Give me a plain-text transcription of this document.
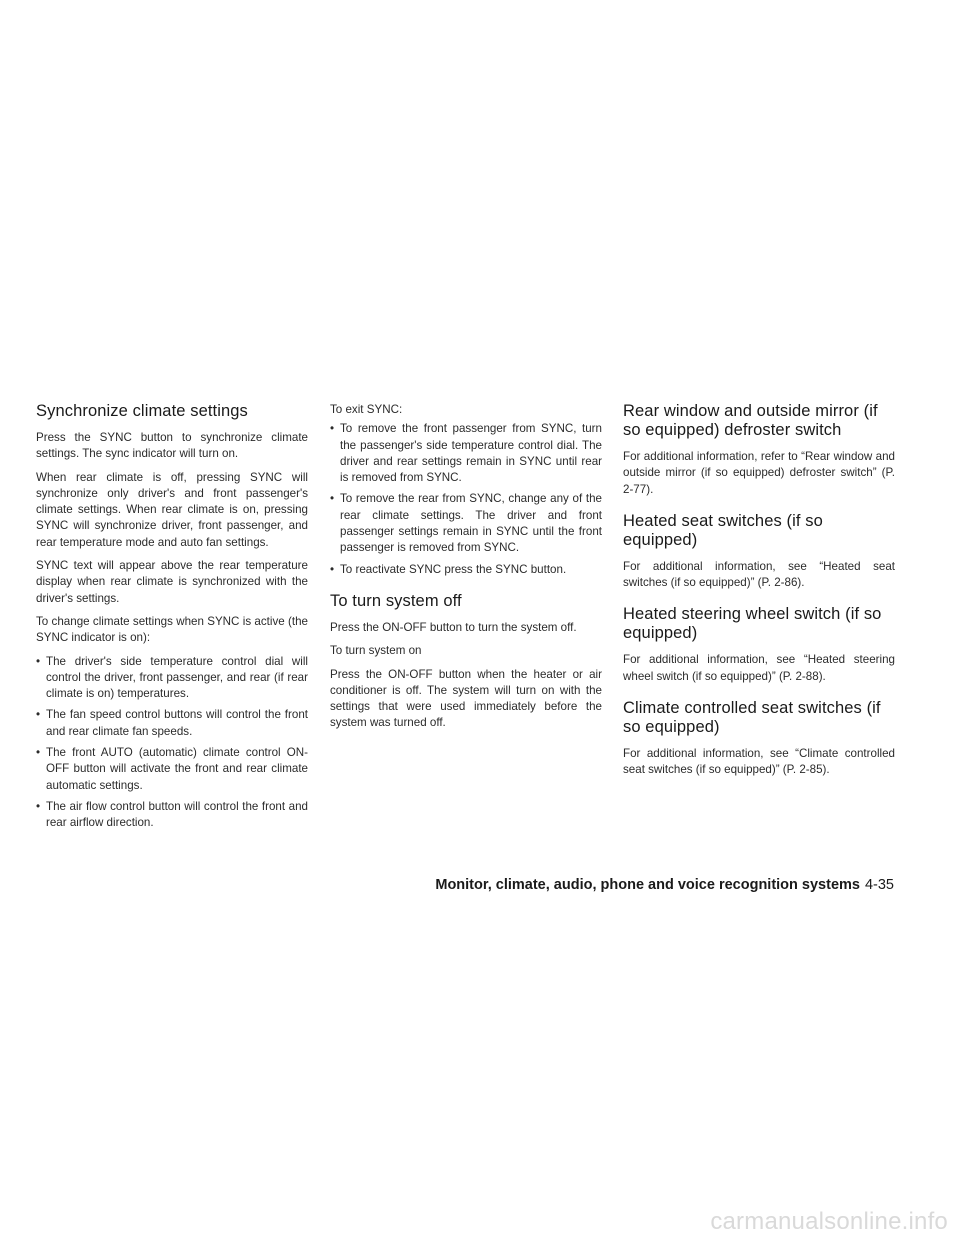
Synchronize climate settings

Press the SYNC button to synchronize climate settings. The sync indicator will turn on.

When rear climate is off, pressing SYNC will synchronize only driver's and front passenger's climate settings. When rear climate is on, pressing SYNC will synchronize driver, front passenger, and rear temperature mode and auto fan settings.

SYNC text will appear above the rear temperature display when rear climate is synchronized with the driver's settings.

To change climate settings when SYNC is active (the SYNC indicator is on):

• The driver's side temperature control dial will control the driver, front passenger, and rear (if rear climate is on) temperatures.
• The fan speed control buttons will control the front and rear climate fan speeds.
• The front AUTO (automatic) climate control ON-OFF button will activate the front and rear climate automatic settings.
• The air flow control button will control the front and rear airflow direction.

To exit SYNC:

• To remove the front passenger from SYNC, turn the passenger's side temperature control dial. The driver and rear settings remain in SYNC until rear is removed from SYNC.
• To remove the rear from SYNC, change any of the rear climate settings. The driver and front passenger settings remain in SYNC until the front passenger is removed from SYNC.
• To reactivate SYNC press the SYNC button.
To turn system off

Press the ON-OFF button to turn the system off.

To turn system on

Press the ON-OFF button when the heater or air conditioner is off. The system will turn on with the settings that were used immediately before the system was turned off.

Rear window and outside mirror (if so equipped) defroster switch

For additional information, refer to “Rear window and outside mirror (if so equipped) defroster switch” (P. 2-77).

Heated seat switches (if so equipped)

For additional information, see “Heated seat switches (if so equipped)” (P. 2-86).

Heated steering wheel switch (if so equipped)

For additional information, see “Heated steering wheel switch (if so equipped)” (P. 2-88).

Climate controlled seat switches (if so equipped)

For additional information, see “Climate controlled seat switches (if so equipped)” (P. 2-85).

Monitor, climate, audio, phone and voice recognition systems 4-35
carmanualsonline.info
